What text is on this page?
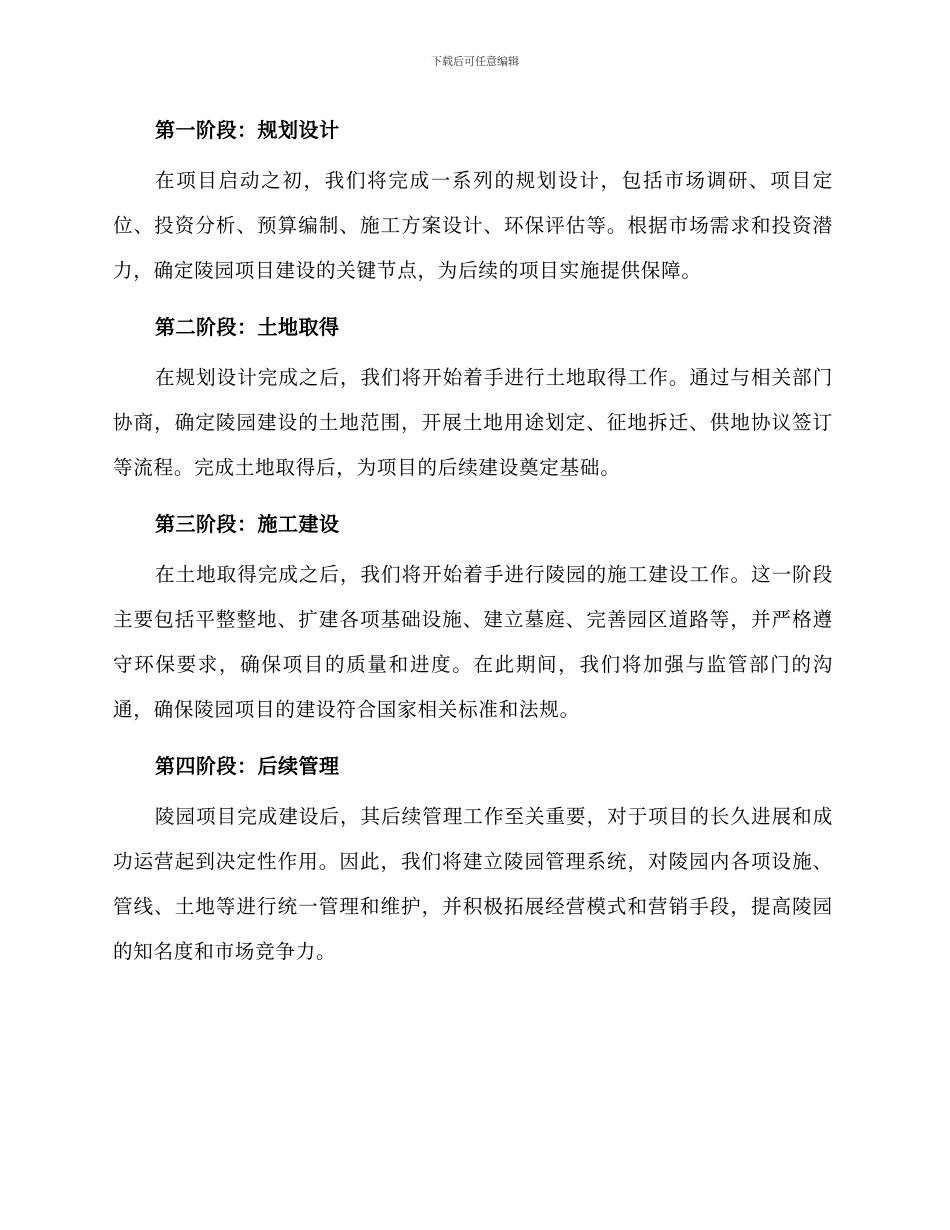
下载后可任意编辑
第一阶段：规划设计

在项目启动之初，我们将完成一系列的规划设计，包括市场调研、项目定位、投资分析、预算编制、施工方案设计、环保评估等。根据市场需求和投资潜力，确定陵园项目建设的关键节点，为后续的项目实施提供保障。

第二阶段：土地取得

在规划设计完成之后，我们将开始着手进行土地取得工作。通过与相关部门协商，确定陵园建设的土地范围，开展土地用途划定、征地拆迁、供地协议签订等流程。完成土地取得后，为项目的后续建设奠定基础。

第三阶段：施工建设

在土地取得完成之后，我们将开始着手进行陵园的施工建设工作。这一阶段主要包括平整整地、扩建各项基础设施、建立墓庭、完善园区道路等，并严格遵守环保要求，确保项目的质量和进度。在此期间，我们将加强与监管部门的沟通，确保陵园项目的建设符合国家相关标准和法规。

第四阶段：后续管理

陵园项目完成建设后，其后续管理工作至关重要，对于项目的长久进展和成功运营起到决定性作用。因此，我们将建立陵园管理系统，对陵园内各项设施、管线、土地等进行统一管理和维护，并积极拓展经营模式和营销手段，提高陵园的知名度和市场竞争力。
